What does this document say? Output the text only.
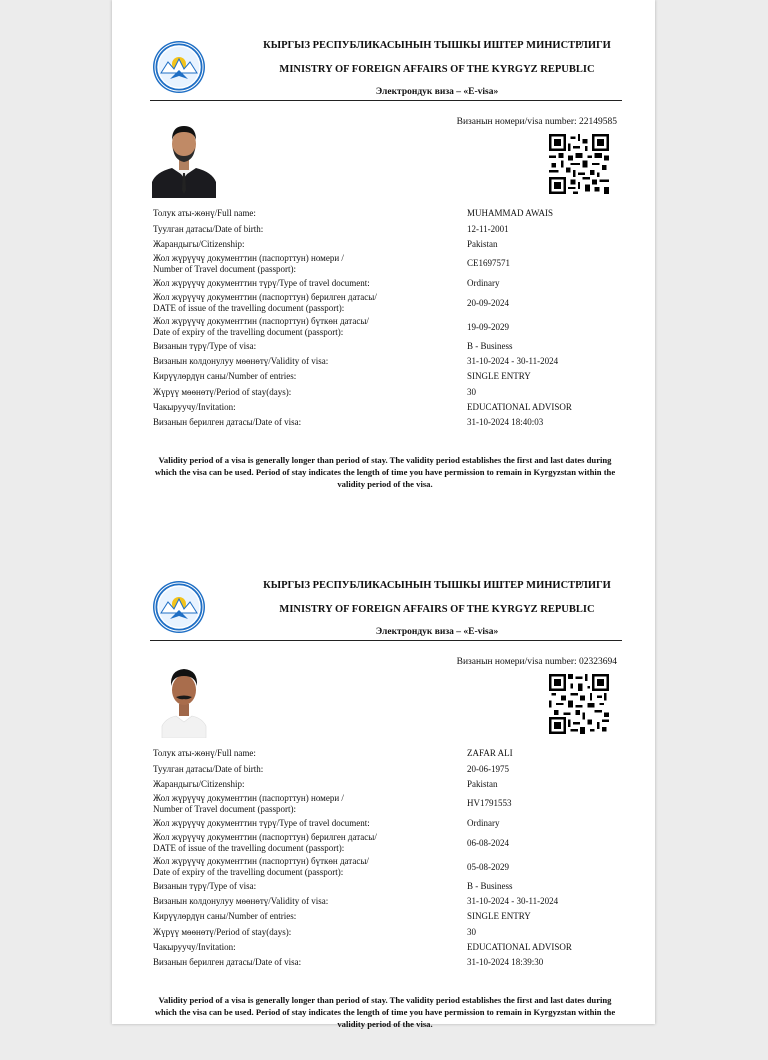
КЫРГЫЗ РЕСПУБЛИКАСЫНЫН ТЫШКЫ ИШТЕР МИНИСТРЛИГИ
MINISTRY OF FOREIGN AFFAIRS OF THE KYRGYZ REPUBLIC
Электрондук виза – «E-visa»
Визанын номери/visa number: 22149585
Толук аты-жөнү/Full name:	MUHAMMAD AWAIS
Туулган датасы/Date of birth:	12-11-2001
Жарандыгы/Citizenship:	Pakistan
Жол жүрүүчү документтин (паспорттун) номери /
Number of Travel document (passport):
CE1697571
Жол жүрүүчү документтин түрү/Type of travel document:	Ordinary
Жол жүрүүчү документтин (паспорттун) берилген датасы/
DATE of issue of the travelling document (passport):
20-09-2024
Жол жүрүүчү документтин (паспорттун) бүткөн датасы/
Date of expiry of the travelling document (passport):
19-09-2029
Визанын түрү/Type of visa:	B - Business
Визанын колдонулуу мөөнөтү/Validity of visa:	31-10-2024 - 30-11-2024
Кирүүлөрдүн саны/Number of entries:	SINGLE ENTRY
Жүрүү мөөнөтү/Period of stay(days):	30
Чакыруучу/Invitation:	EDUCATIONAL ADVISOR
Визанын берилген датасы/Date of visa:	31-10-2024 18:40:03
Validity period of a visa is generally longer than period of stay. The validity period establishes the first and last dates during which the visa can be used. Period of stay indicates the length of time you have permission to remain in Kyrgyzstan within the validity period of the visa.
КЫРГЫЗ РЕСПУБЛИКАСЫНЫН ТЫШКЫ ИШТЕР МИНИСТРЛИГИ
MINISTRY OF FOREIGN AFFAIRS OF THE KYRGYZ REPUBLIC
Электрондук виза – «E-visa»
Визанын номери/visa number: 02323694
Толук аты-жөнү/Full name:	ZAFAR ALI
Туулган датасы/Date of birth:	20-06-1975
Жарандыгы/Citizenship:	Pakistan
Жол жүрүүчү документтин (паспорттун) номери /
Number of Travel document (passport):
HV1791553
Жол жүрүүчү документтин түрү/Type of travel document:	Ordinary
Жол жүрүүчү документтин (паспорттун) берилген датасы/
DATE of issue of the travelling document (passport):
06-08-2024
Жол жүрүүчү документтин (паспорттун) бүткөн датасы/
Date of expiry of the travelling document (passport):
05-08-2029
Визанын түрү/Type of visa:	B - Business
Визанын колдонулуу мөөнөтү/Validity of visa:	31-10-2024 - 30-11-2024
Кирүүлөрдүн саны/Number of entries:	SINGLE ENTRY
Жүрүү мөөнөтү/Period of stay(days):	30
Чакыруучу/Invitation:	EDUCATIONAL ADVISOR
Визанын берилген датасы/Date of visa:	31-10-2024 18:39:30
Validity period of a visa is generally longer than period of stay. The validity period establishes the first and last dates during which the visa can be used. Period of stay indicates the length of time you have permission to remain in Kyrgyzstan within the validity period of the visa.
